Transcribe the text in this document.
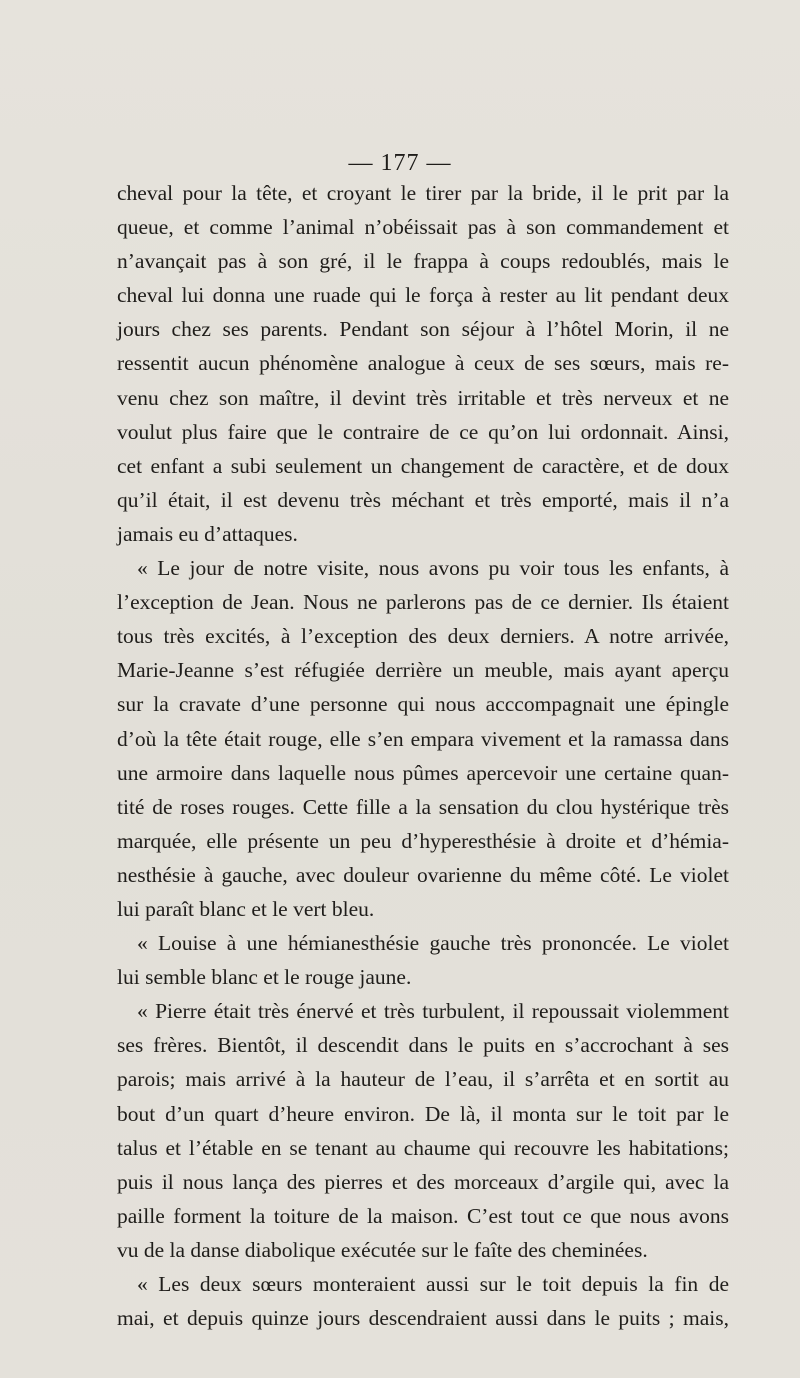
— 177 —
cheval pour la tête, et croyant le tirer par la bride, il le prit par la
queue, et comme l’animal n’obéissait pas à son commandement et
n’avançait pas à son gré, il le frappa à coups redoublés, mais le
cheval lui donna une ruade qui le força à rester au lit pendant deux
jours chez ses parents. Pendant son séjour à l’hôtel Morin, il ne
ressentit aucun phénomène analogue à ceux de ses sœurs, mais re-
venu chez son maître, il devint très irritable et très nerveux et ne
voulut plus faire que le contraire de ce qu’on lui ordonnait. Ainsi,
cet enfant a subi seulement un changement de caractère, et de doux
qu’il était, il est devenu très méchant et très emporté, mais il n’a
jamais eu d’attaques.
« Le jour de notre visite, nous avons pu voir tous les enfants, à
l’exception de Jean. Nous ne parlerons pas de ce dernier. Ils étaient
tous très excités, à l’exception des deux derniers. A notre arrivée,
Marie-Jeanne s’est réfugiée derrière un meuble, mais ayant aperçu
sur la cravate d’une personne qui nous acccompagnait une épingle
d’où la tête était rouge, elle s’en empara vivement et la ramassa dans
une armoire dans laquelle nous pûmes apercevoir une certaine quan-
tité de roses rouges. Cette fille a la sensation du clou hystérique très
marquée, elle présente un peu d’hyperesthésie à droite et d’hémia-
nesthésie à gauche, avec douleur ovarienne du même côté. Le violet
lui paraît blanc et le vert bleu.
« Louise à une hémianesthésie gauche très prononcée. Le violet
lui semble blanc et le rouge jaune.
« Pierre était très énervé et très turbulent, il repoussait violemment
ses frères. Bientôt, il descendit dans le puits en s’accrochant à ses
parois; mais arrivé à la hauteur de l’eau, il s’arrêta et en sortit au
bout d’un quart d’heure environ. De là, il monta sur le toit par le
talus et l’étable en se tenant au chaume qui recouvre les habitations;
puis il nous lança des pierres et des morceaux d’argile qui, avec la
paille forment la toiture de la maison. C’est tout ce que nous avons
vu de la danse diabolique exécutée sur le faîte des cheminées.
« Les deux sœurs monteraient aussi sur le toit depuis la fin de
mai, et depuis quinze jours descendraient aussi dans le puits ; mais,
